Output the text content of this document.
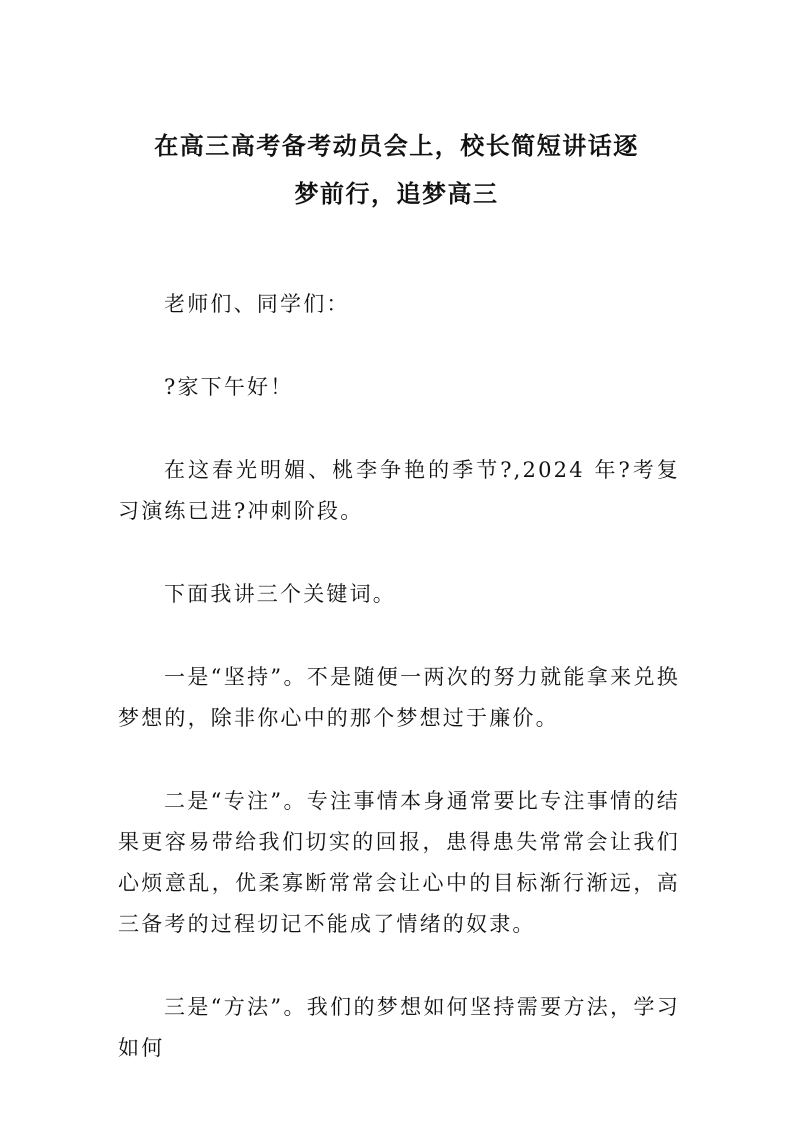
在高三高考备考动员会上，校长简短讲话逐
梦前行，追梦高三

老师们、同学们：

?家下午好！

在这春光明媚、桃李争艳的季节?,2024 年?考复习演练已进?冲刺阶段。

下面我讲三个关键词。

一是“坚持”。不是随便一两次的努力就能拿来兑换梦想的，除非你心中的那个梦想过于廉价。

二是“专注”。专注事情本身通常要比专注事情的结果更容易带给我们切实的回报，患得患失常常会让我们心烦意乱，优柔寡断常常会让心中的目标渐行渐远，高三备考的过程切记不能成了情绪的奴隶。

三是“方法”。我们的梦想如何坚持需要方法，学习如何
